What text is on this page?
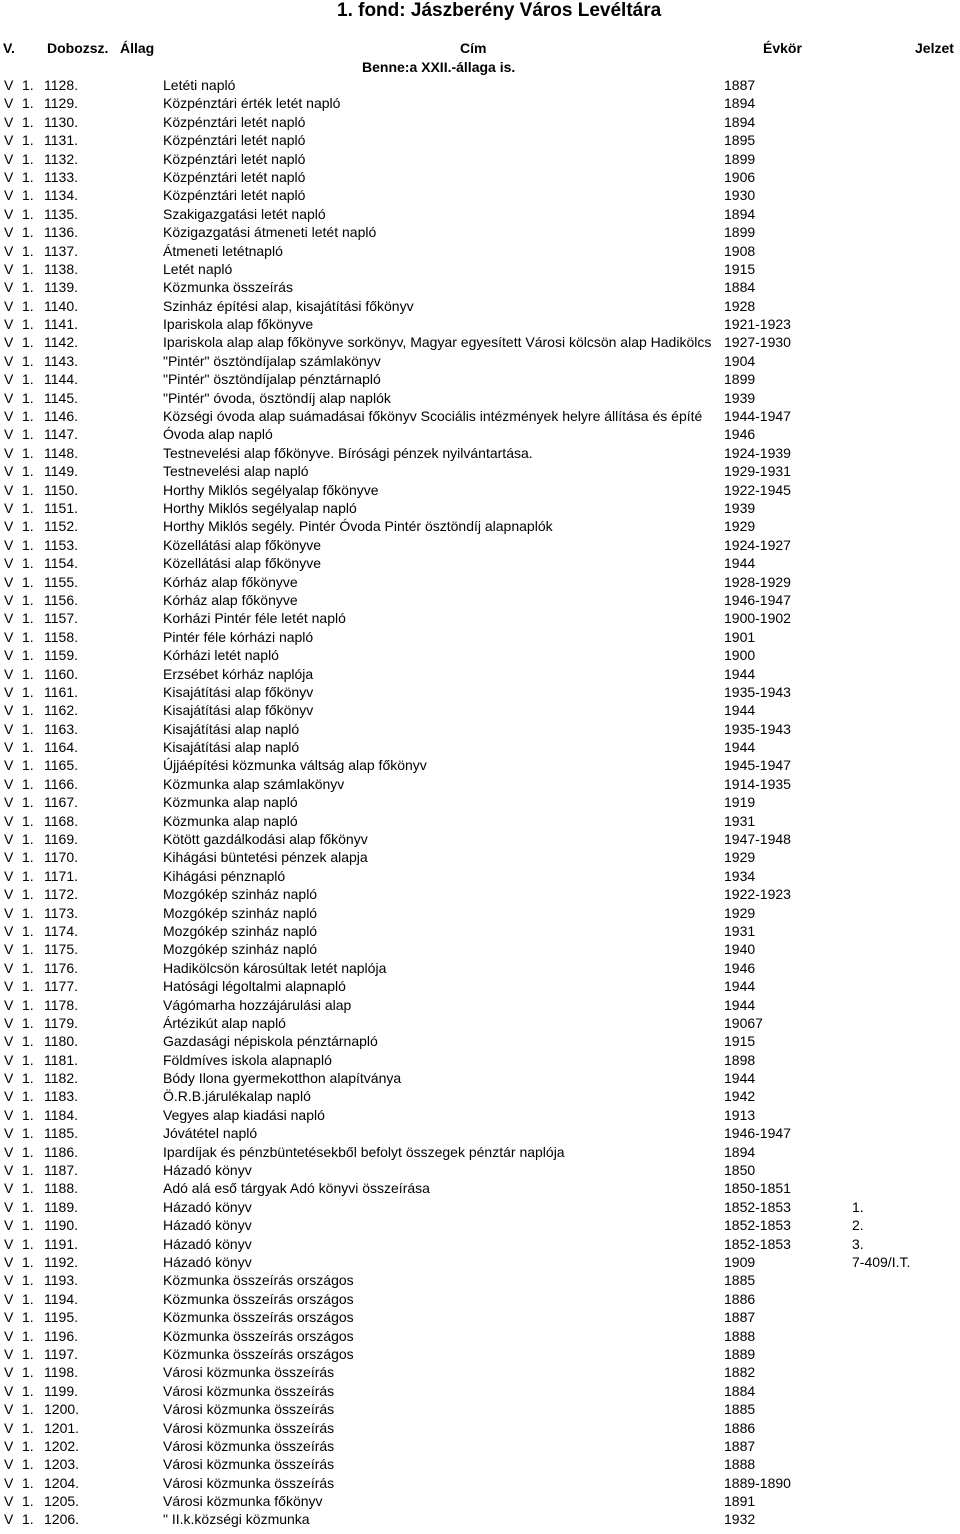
1. fond: Jászberény Város Levéltára
V. Dobozsz. Állag	Cím	Évkör	Jelzet
Benne:a XXII.-állaga is.
V 1. 1128.	Letéti napló	1887
V 1. 1129.	Közpénztári érték letét napló	1894
V 1. 1130.	Közpénztári letét napló	1894
V 1. 1131.	Közpénztári letét napló	1895
V 1. 1132.	Közpénztári letét napló	1899
V 1. 1133.	Közpénztári letét napló	1906
V 1. 1134.	Közpénztári letét napló	1930
V 1. 1135.	Szakigazgatási letét napló	1894
V 1. 1136.	Közigazgatási átmeneti letét napló	1899
V 1. 1137.	Átmeneti letétnapló	1908
V 1. 1138.	Letét napló	1915
V 1. 1139.	Közmunka összeírás	1884
V 1. 1140.	Szinház építési alap, kisajátítási főkönyv	1928
V 1. 1141.	Ipariskola alap főkönyve	1921-1923
V 1. 1142.	Ipariskola alap alap főkönyve sorkönyv, Magyar egyesített Városi kölcsön alap Hadikölcs 1927-1930
V 1. 1143.	"Pintér" ösztöndíjalap számlakönyv	1904
V 1. 1144.	"Pintér" ösztöndíjalap pénztárnapló	1899
V 1. 1145.	"Pintér" óvoda, ösztöndíj alap naplók	1939
V 1. 1146.	Községi óvoda alap suámadásai főkönyv Scociális intézmények helyre állítása és építé	1944-1947
V 1. 1147.	Óvoda alap napló	1946
V 1. 1148.	Testnevelési alap főkönyve. Bírósági pénzek nyilvántartása.	1924-1939
V 1. 1149.	Testnevelési alap napló	1929-1931
V 1. 1150.	Horthy Miklós segélyalap főkönyve	1922-1945
V 1. 1151.	Horthy Miklós segélyalap napló	1939
V 1. 1152.	Horthy Miklós segély. Pintér Óvoda Pintér ösztöndíj alapnaplók	1929
V 1. 1153.	Közellátási alap főkönyve	1924-1927
V 1. 1154.	Közellátási alap főkönyve	1944
V 1. 1155.	Kórház alap főkönyve	1928-1929
V 1. 1156.	Kórház alap főkönyve	1946-1947
V 1. 1157.	Korházi Pintér féle letét napló	1900-1902
V 1. 1158.	Pintér féle kórházi napló	1901
V 1. 1159.	Kórházi letét napló	1900
V 1. 1160.	Erzsébet kórház naplója	1944
V 1. 1161.	Kisajátítási alap főkönyv	1935-1943
V 1. 1162.	Kisajátítási alap főkönyv	1944
V 1. 1163.	Kisajátítási alap napló	1935-1943
V 1. 1164.	Kisajátítási alap napló	1944
V 1. 1165.	Újjáépítési közmunka váltság alap főkönyv	1945-1947
V 1. 1166.	Közmunka alap számlakönyv	1914-1935
V 1. 1167.	Közmunka alap napló	1919
V 1. 1168.	Közmunka alap napló	1931
V 1. 1169.	Kötött gazdálkodási alap főkönyv	1947-1948
V 1. 1170.	Kihágási büntetési pénzek alapja	1929
V 1. 1171.	Kihágási pénznapló	1934
V 1. 1172.	Mozgókép szinház napló	1922-1923
V 1. 1173.	Mozgókép szinház napló	1929
V 1. 1174.	Mozgókép szinház napló	1931
V 1. 1175.	Mozgókép szinház napló	1940
V 1. 1176.	Hadikölcsön károsúltak letét naplója	1946
V 1. 1177.	Hatósági légoltalmi alapnapló	1944
V 1. 1178.	Vágómarha hozzájárulási alap	1944
V 1. 1179.	Ártézikút alap napló	19067
V 1. 1180.	Gazdasági népiskola pénztárnapló	1915
V 1. 1181.	Földmíves iskola alapnapló	1898
V 1. 1182.	Bódy Ilona gyermekotthon alapítványa	1944
V 1. 1183.	Ö.R.B.járulékalap napló	1942
V 1. 1184.	Vegyes alap kiadási napló	1913
V 1. 1185.	Jóvátétel napló	1946-1947
V 1. 1186.	Ipardíjak és pénzbüntetésekből befolyt összegek pénztár naplója	1894
V 1. 1187.	Házadó könyv	1850
V 1. 1188.	Adó alá eső tárgyak Adó könyvi összeírása	1850-1851
V 1. 1189.	Házadó könyv	1852-1853	1.
V 1. 1190.	Házadó könyv	1852-1853	2.
V 1. 1191.	Házadó könyv	1852-1853	3.
V 1. 1192.	Házadó könyv	1909	7-409/I.T.
V 1. 1193.	Közmunka összeírás országos	1885
V 1. 1194.	Közmunka összeírás országos	1886
V 1. 1195.	Közmunka összeírás országos	1887
V 1. 1196.	Közmunka összeírás országos	1888
V 1. 1197.	Közmunka összeírás országos	1889
V 1. 1198.	Városi közmunka összeírás	1882
V 1. 1199.	Városi közmunka összeírás	1884
V 1. 1200.	Városi közmunka összeírás	1885
V 1. 1201.	Városi közmunka összeírás	1886
V 1. 1202.	Városi közmunka összeírás	1887
V 1. 1203.	Városi közmunka összeírás	1888
V 1. 1204.	Városi közmunka összeírás	1889-1890
V 1. 1205.	Városi közmunka főkönyv	1891
V 1. 1206.	" II.k.községi közmunka	1932
